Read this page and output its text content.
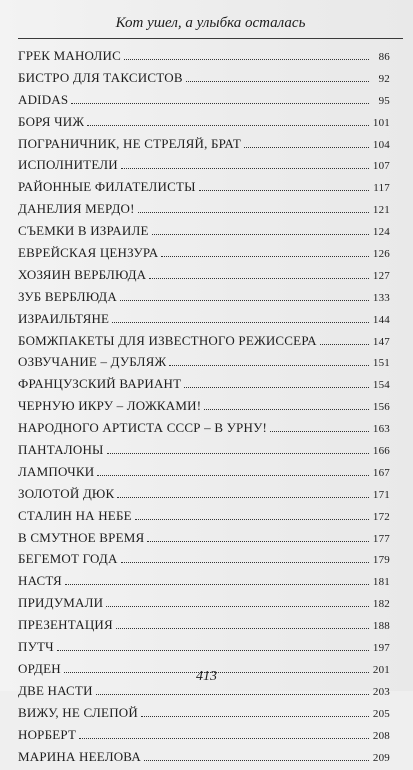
Кот ушел, а улыбка осталась
ГРЕК МАНОЛИС	86
БИСТРО ДЛЯ ТАКСИСТОВ	92
ADIDAS	95
БОРЯ ЧИЖ	101
ПОГРАНИЧНИК, НЕ СТРЕЛЯЙ, БРАТ	104
ИСПОЛНИТЕЛИ	107
РАЙОННЫЕ ФИЛАТЕЛИСТЫ	117
ДАНЕЛИЯ МЕРДО!	121
СЪЕМКИ В ИЗРАИЛЕ	124
ЕВРЕЙСКАЯ ЦЕНЗУРА	126
ХОЗЯИН ВЕРБЛЮДА	127
ЗУБ ВЕРБЛЮДА	133
ИЗРАИЛЬТЯНЕ	144
БОМЖПАКЕТЫ ДЛЯ ИЗВЕСТНОГО РЕЖИССЕРА	147
ОЗВУЧАНИЕ – ДУБЛЯЖ	151
ФРАНЦУЗСКИЙ ВАРИАНТ	154
ЧЕРНУЮ ИКРУ – ЛОЖКАМИ!	156
НАРОДНОГО АРТИСТА СССР – В УРНУ!	163
ПАНТАЛОНЫ	166
ЛАМПОЧКИ	167
ЗОЛОТОЙ ДЮК	171
СТАЛИН НА НЕБЕ	172
В СМУТНОЕ ВРЕМЯ	177
БЕГЕМОТ ГОДА	179
НАСТЯ	181
ПРИДУМАЛИ	182
ПРЕЗЕНТАЦИЯ	188
ПУТЧ	197
ОРДЕН	201
ДВЕ НАСТИ	203
ВИЖУ, НЕ СЛЕПОЙ	205
НОРБЕРТ	208
МАРИНА НЕЕЛОВА	209
413
